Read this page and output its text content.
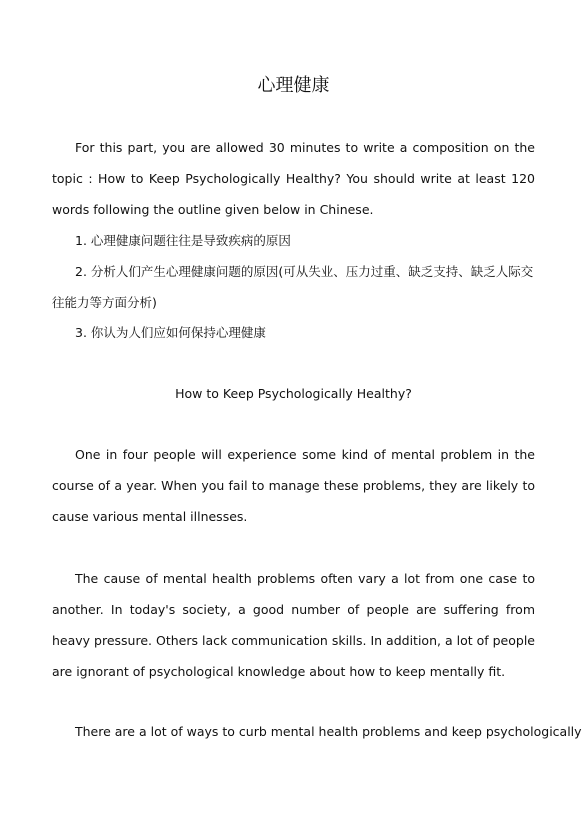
心理健康
For this part, you are allowed 30 minutes to write a composition on the topic : How to Keep Psychologically Healthy? You should write at least 120 words following the outline given below in Chinese.
1. 心理健康问题往往是导致疾病的原因
2. 分析人们产生心理健康问题的原因(可从失业、压力过重、缺乏支持、缺乏人际交往能力等方面分析)
3. 你认为人们应如何保持心理健康
How to Keep Psychologically Healthy?
One in four people will experience some kind of mental problem in the course of a year. When you fail to manage these problems, they are likely to cause various mental illnesses.
The cause of mental health problems often vary a lot from one case to another. In today's society, a good number of people are suffering from heavy pressure. Others lack communication skills. In addition, a lot of people are ignorant of psychological knowledge about how to keep mentally fit.
There are a lot of ways to curb mental health problems and keep psychologically
